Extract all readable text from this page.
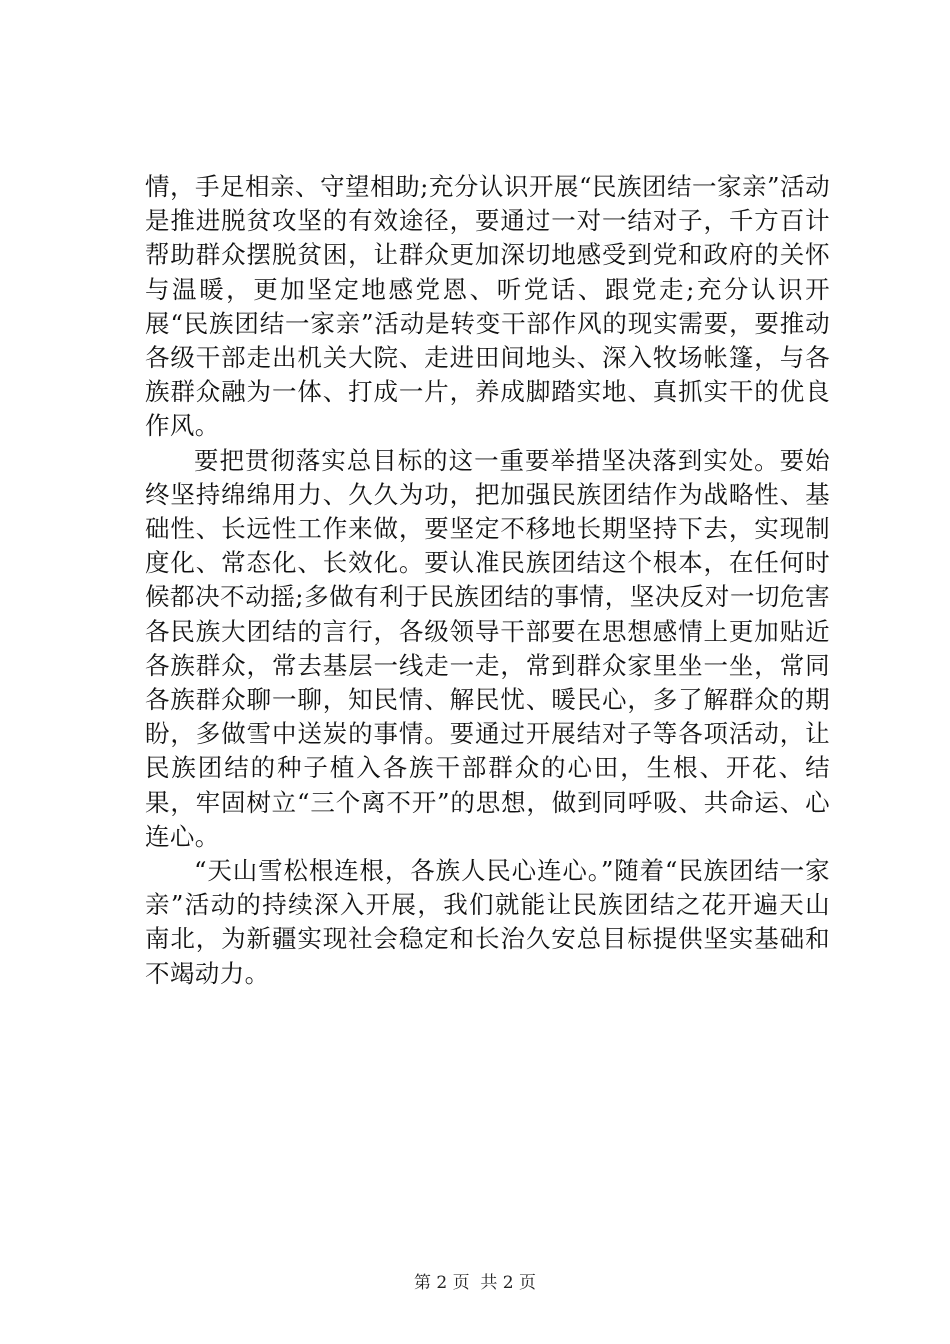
情，手足相亲、守望相助;充分认识开展“民族团结一家亲”活动是推进脱贫攻坚的有效途径，要通过一对一结对子，千方百计帮助群众摆脱贫困，让群众更加深切地感受到党和政府的关怀与温暖，更加坚定地感党恩、听党话、跟党走;充分认识开展“民族团结一家亲”活动是转变干部作风的现实需要，要推动各级干部走出机关大院、走进田间地头、深入牧场帐篷，与各族群众融为一体、打成一片，养成脚踏实地、真抓实干的优良作风。

要把贯彻落实总目标的这一重要举措坚决落到实处。要始终坚持绵绵用力、久久为功，把加强民族团结作为战略性、基础性、长远性工作来做，要坚定不移地长期坚持下去，实现制度化、常态化、长效化。要认准民族团结这个根本，在任何时候都决不动摇;多做有利于民族团结的事情，坚决反对一切危害各民族大团结的言行，各级领导干部要在思想感情上更加贴近各族群众，常去基层一线走一走，常到群众家里坐一坐，常同各族群众聊一聊，知民情、解民忧、暖民心，多了解群众的期盼，多做雪中送炭的事情。要通过开展结对子等各项活动，让民族团结的种子植入各族干部群众的心田，生根、开花、结果，牢固树立“三个离不开”的思想，做到同呼吸、共命运、心连心。

“天山雪松根连根，各族人民心连心。”随着“民族团结一家亲”活动的持续深入开展，我们就能让民族团结之花开遍天山南北，为新疆实现社会稳定和长治久安总目标提供坚实基础和不竭动力。

第 2 页  共 2 页
